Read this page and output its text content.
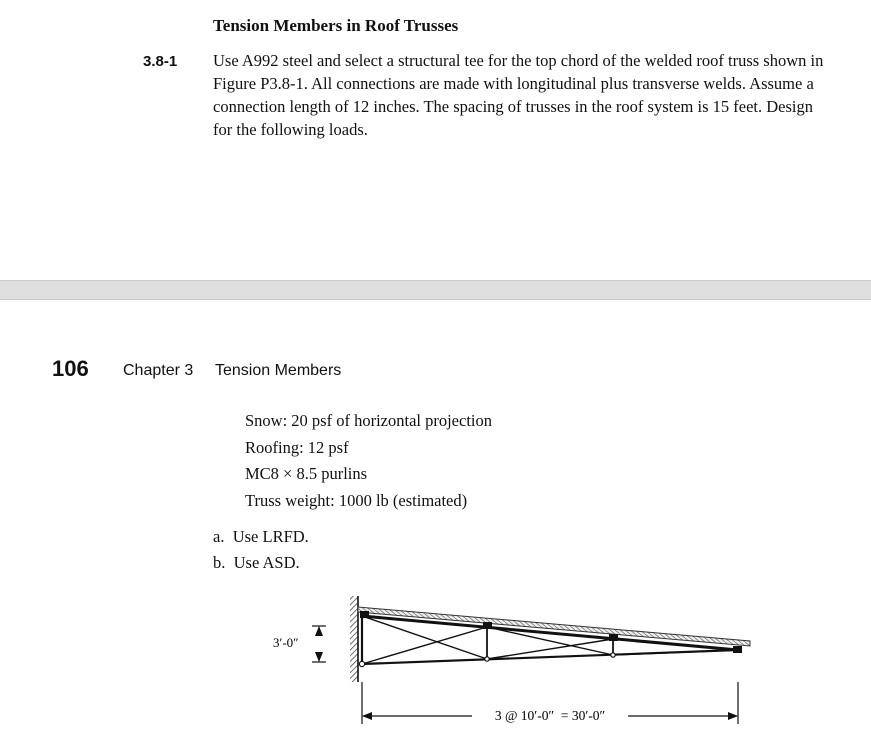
Tension Members in Roof Trusses
3.8-1 Use A992 steel and select a structural tee for the top chord of the welded roof truss shown in Figure P3.8-1. All connections are made with longitudinal plus transverse welds. Assume a connection length of 12 inches. The spacing of trusses in the roof system is 15 feet. Design for the following loads.
106 Chapter 3 Tension Members
Snow: 20 psf of horizontal projection
Roofing: 12 psf
MC8 × 8.5 purlins
Truss weight: 1000 lb (estimated)
a.  Use LRFD.
b.  Use ASD.
3′-0″
3 @ 10′-0″  = 30′-0″
